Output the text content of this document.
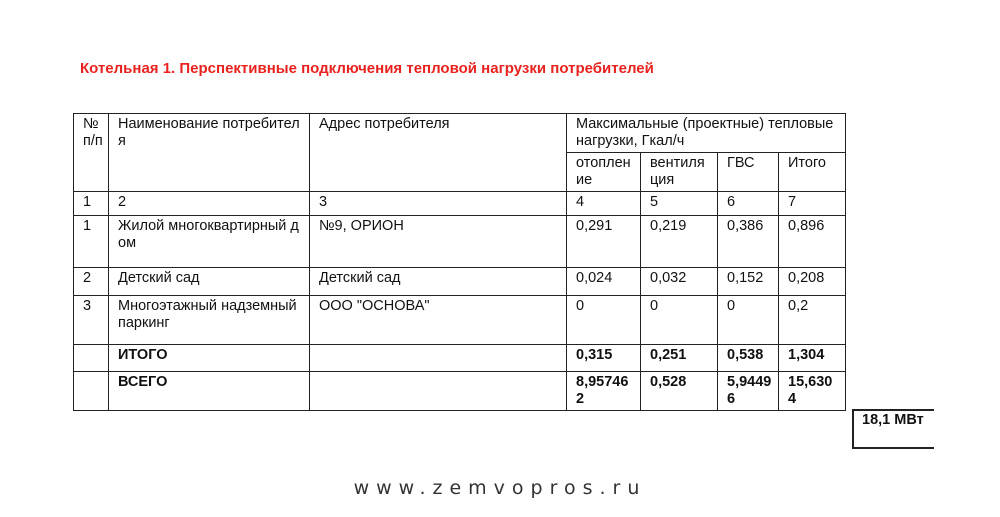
Котельная 1. Перспективные подключения тепловой нагрузки потребителей
№ п/п	Наименование потребителя	Адрес потребителя	Максимальные (проектные) тепловые нагрузки, Гкал/ч			
			отопление	вентиляция	ГВС	Итого
1	2	3	4	5	6	7
1	Жилой многоквартирный дом	№9, ОРИОН	0,291	0,219	0,386	0,896
2	Детский сад	Детский сад	0,024	0,032	0,152	0,208
3	Многоэтажный надземный паркинг	ООО "ОСНОВА"	0	0	0	0,2
	ИТОГО		0,315	0,251	0,538	1,304
	ВСЕГО		8,957462	0,528	5,94496	15,6304
18,1 МВт
www.zemvopros.ru
